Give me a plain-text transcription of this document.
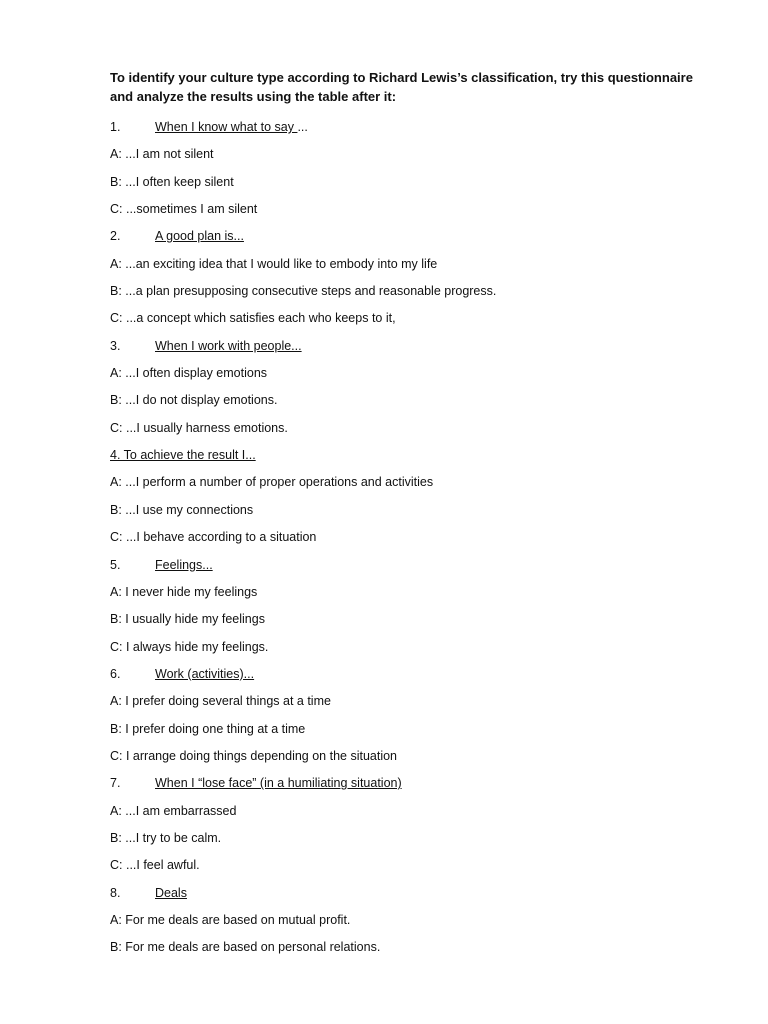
To identify your culture type according to Richard Lewis’s classification, try this questionnaire and analyze the results using the table after it:
1.	When I know what to say ...
A: ...I am not silent
B: ...I often keep silent
C: ...sometimes I am silent
2.	A good plan is...
A: ...an exciting idea that I would like to embody into my life
B: ...a plan presupposing consecutive steps and reasonable progress.
C: ...a concept which satisfies each who keeps to it,
3.	When I work with people...
A: ...I often display emotions
B: ...I do not display emotions.
C: ...I usually harness emotions.
4. To achieve the result I...
A: ...I perform a number of proper operations and activities
B: ...I use my connections
C: ...I behave according to a situation
5.	Feelings...
A: I never hide my feelings
B: I usually hide my feelings
C: I always hide my feelings.
6.	Work (activities)...
A: I prefer doing several things at a time
B: I prefer doing one thing at a time
C: I arrange doing things depending on the situation
7.	When I “lose face” (in a humiliating situation)
A: ...I am embarrassed
B: ...I try to be calm.
C: ...I feel awful.
8.	Deals
A: For me deals are based on mutual profit.
B: For me deals are based on personal relations.
